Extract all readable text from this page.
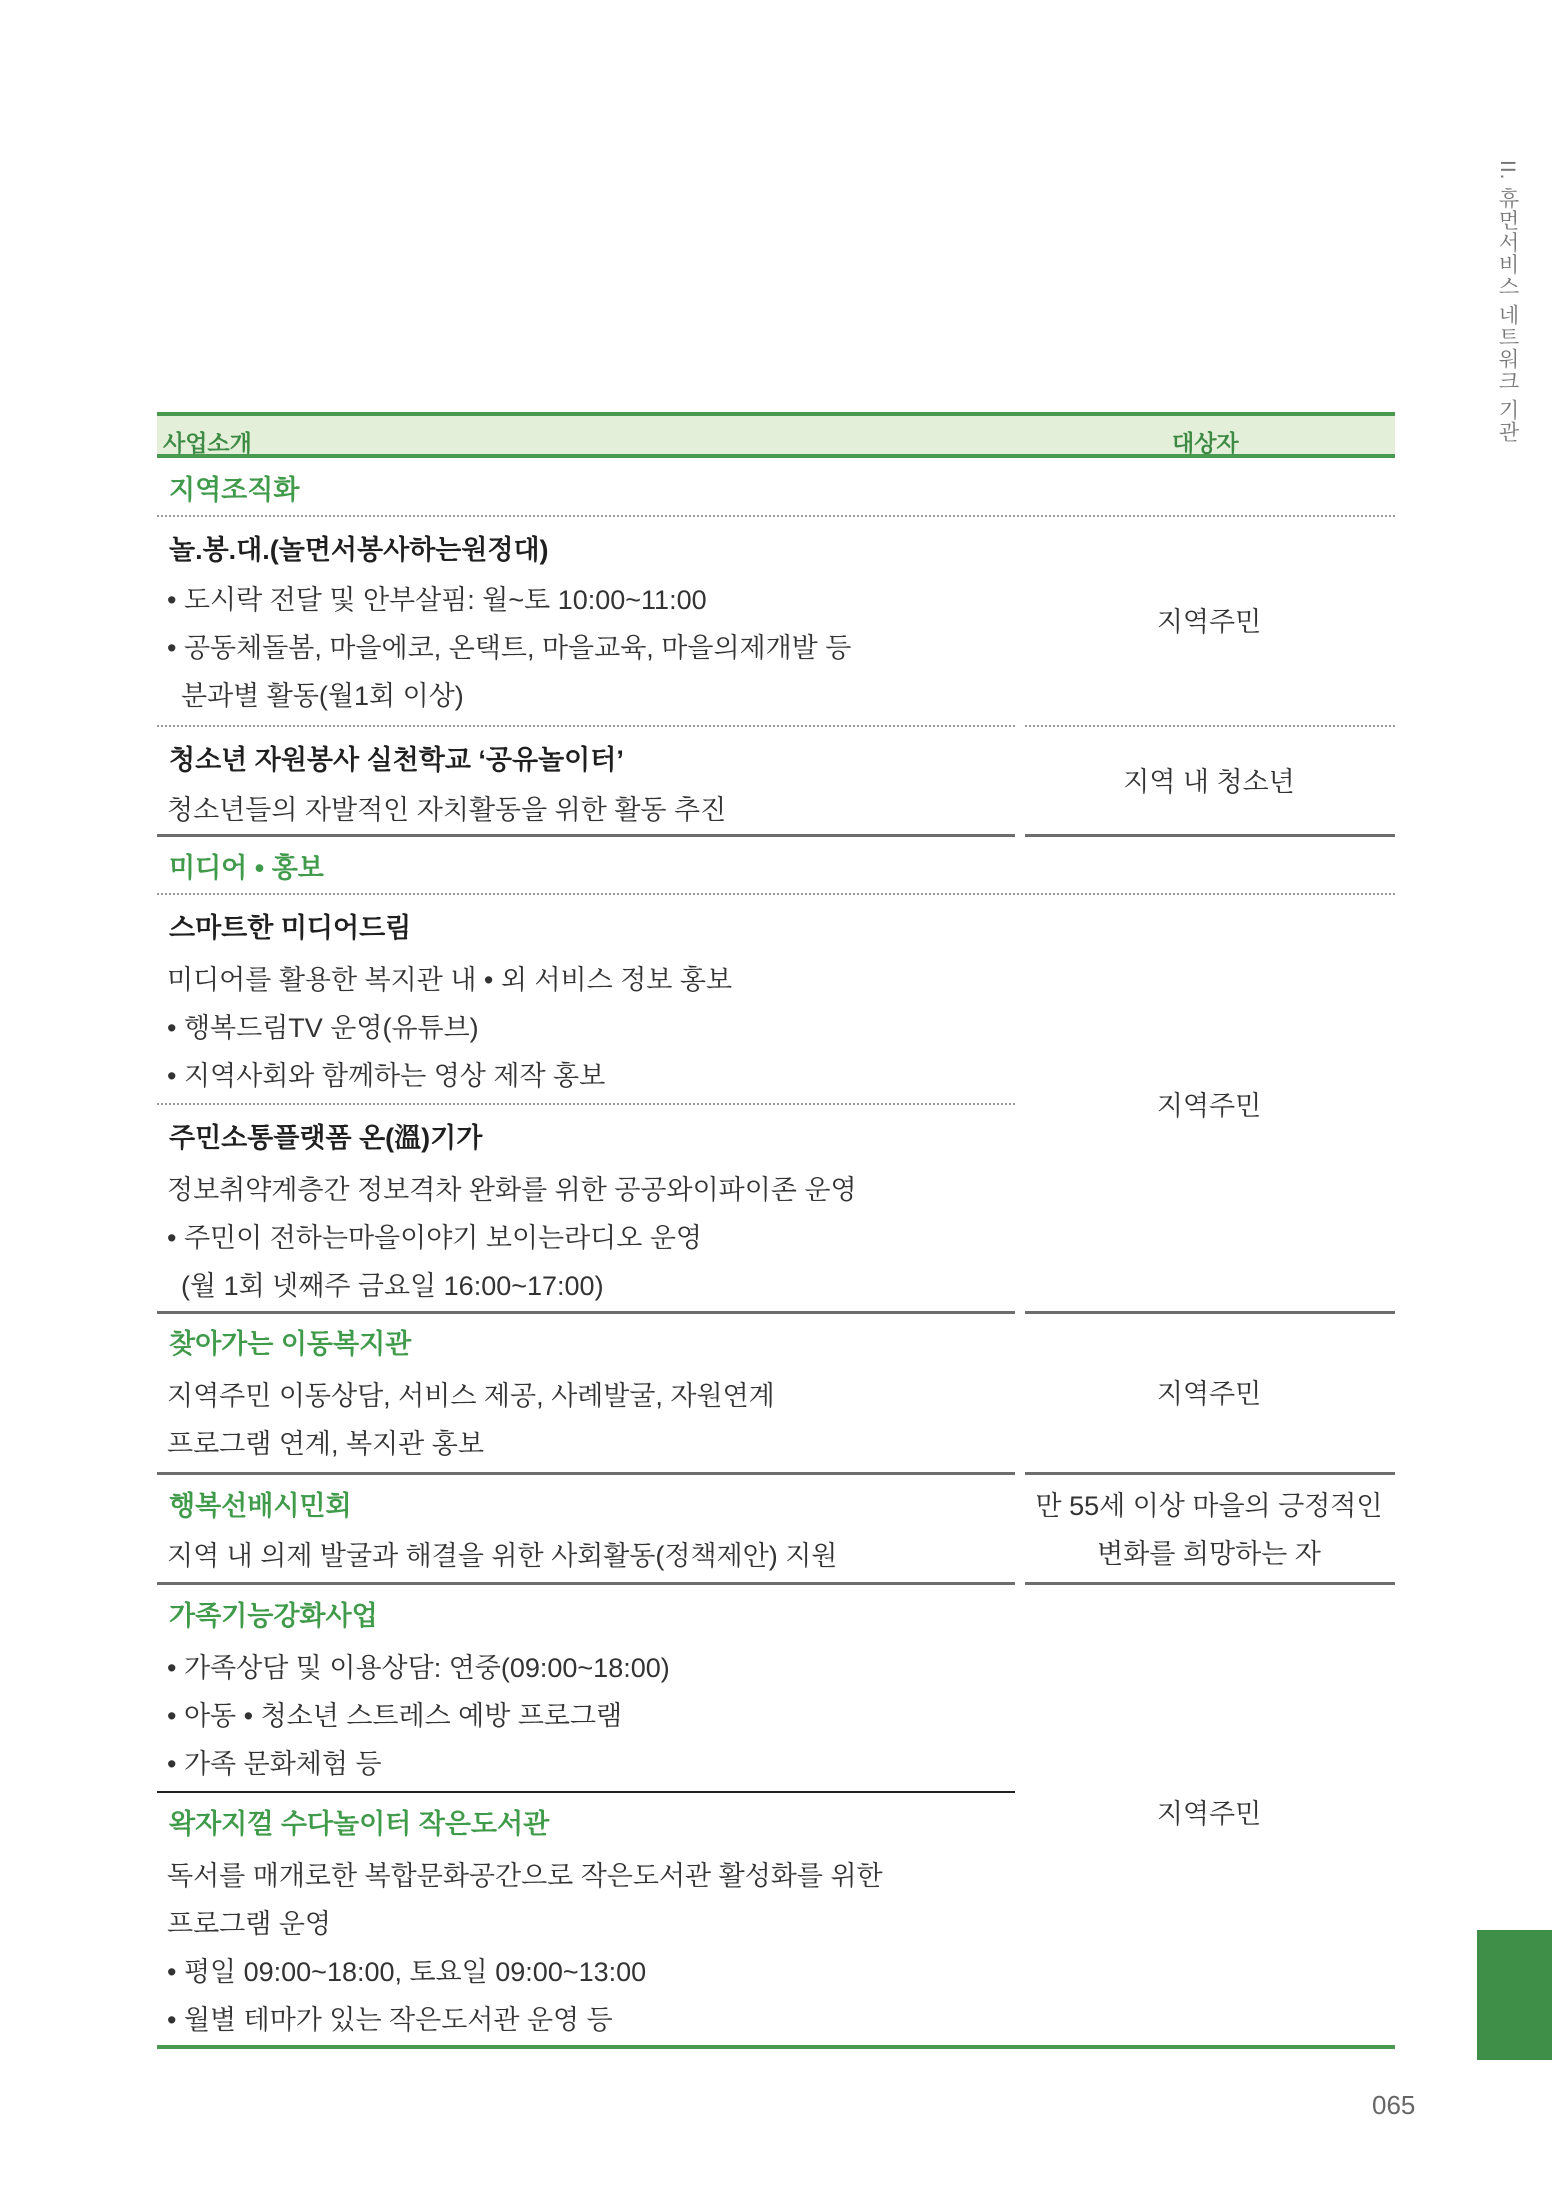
II. 휴먼서비스 네트워크 기관
사업소개	대상자
지역조직화
놀.봉.대.(놀면서봉사하는원정대)
• 도시락 전달 및 안부살핌: 월~토 10:00~11:00
• 공동체돌봄, 마을에코, 온택트, 마을교육, 마을의제개발 등
분과별 활동(월1회 이상)
지역주민
청소년 자원봉사 실천학교 ‘공유놀이터’
청소년들의 자발적인 자치활동을 위한 활동 추진
지역 내 청소년
미디어 • 홍보
스마트한 미디어드림
미디어를 활용한 복지관 내 • 외 서비스 정보 홍보
• 행복드림TV 운영(유튜브)
• 지역사회와 함께하는 영상 제작 홍보
주민소통플랫폼 온(溫)기가
정보취약계층간 정보격차 완화를 위한 공공와이파이존 운영
• 주민이 전하는마을이야기 보이는라디오 운영
(월 1회 넷째주 금요일 16:00~17:00)
지역주민
찾아가는 이동복지관
지역주민 이동상담, 서비스 제공, 사례발굴, 자원연계
프로그램 연계, 복지관 홍보
지역주민
행복선배시민회
지역 내 의제 발굴과 해결을 위한 사회활동(정책제안) 지원
만 55세 이상 마을의 긍정적인
변화를 희망하는 자
가족기능강화사업
• 가족상담 및 이용상담: 연중(09:00~18:00)
• 아동 • 청소년 스트레스 예방 프로그램
• 가족 문화체험 등
왁자지껄 수다놀이터 작은도서관
독서를 매개로한 복합문화공간으로 작은도서관 활성화를 위한
프로그램 운영
• 평일 09:00~18:00, 토요일 09:00~13:00
• 월별 테마가 있는 작은도서관 운영 등
지역주민
065
